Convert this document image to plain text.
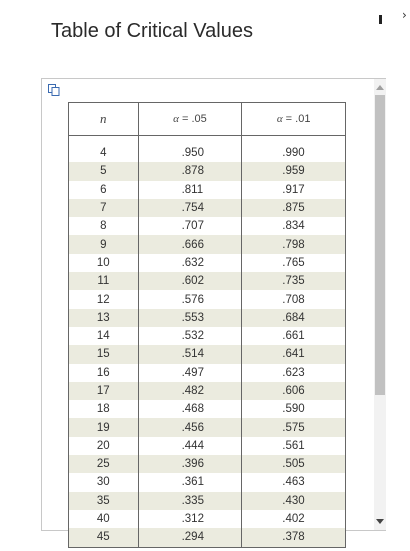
Table of Critical Values
›
n	α = .05	α = .01

4	.950	.990
5	.878	.959
6	.811	.917
7	.754	.875
8	.707	.834
9	.666	.798
10	.632	.765
11	.602	.735
12	.576	.708
13	.553	.684
14	.532	.661
15	.514	.641
16	.497	.623
17	.482	.606
18	.468	.590
19	.456	.575
20	.444	.561
25	.396	.505
30	.361	.463
35	.335	.430
40	.312	.402
45	.294	.378
